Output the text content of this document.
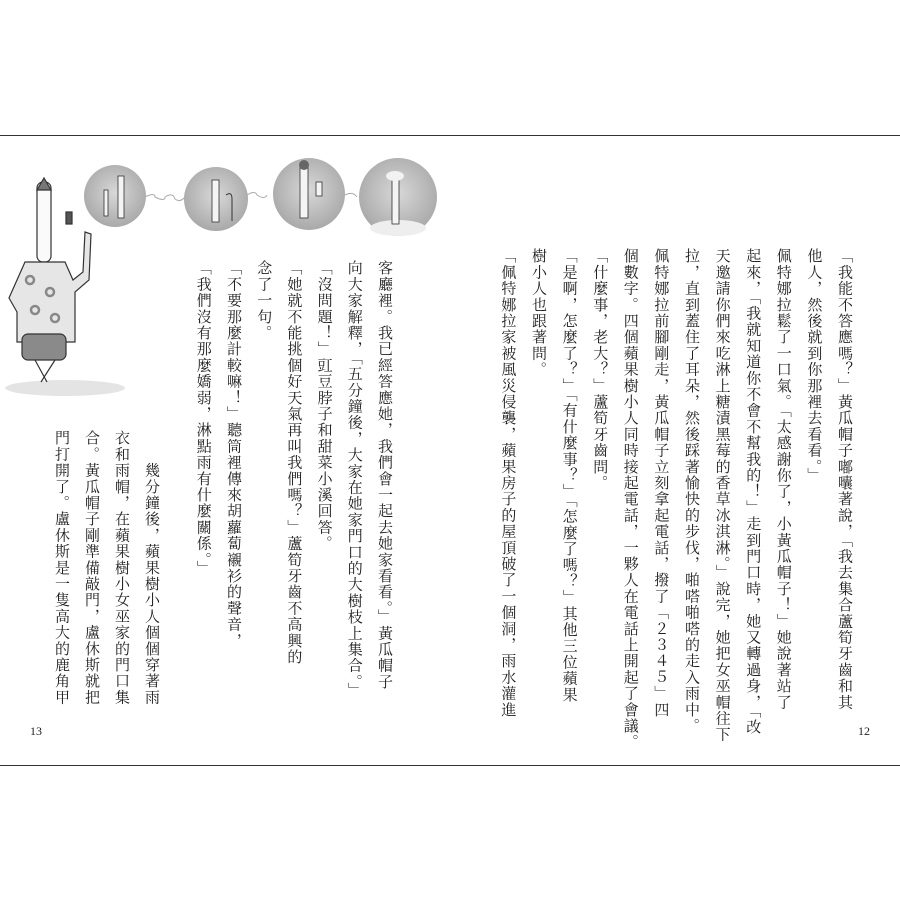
客廳裡。我已經答應她，我們會一起去她家看看。」黃瓜帽子
向大家解釋，「五分鐘後，大家在她家門口的大樹枝上集合。」
「沒問題！」豇豆脖子和甜菜小溪回答。
「她就不能挑個好天氣再叫我們嗎？」蘆筍牙齒不高興的
念了一句。
「不要那麼計較嘛！」聽筒裡傳來胡蘿蔔襯衫的聲音，
「我們沒有那麼嬌弱，淋點雨有什麼關係。」
　　幾分鐘後，蘋果樹小人個個穿著雨
衣和雨帽，在蘋果樹小女巫家的門口集
合。黃瓜帽子剛準備敲門，盧休斯就把
門打開了。盧休斯是一隻高大的鹿角甲	「我能不答應嗎？」黃瓜帽子嘟囔著說，「我去集合蘆筍牙齒和其
他人，然後就到你那裡去看看。」
佩特娜拉鬆了一口氣。「太感謝你了，小黃瓜帽子！」她說著站了
起來，「我就知道你不會不幫我的！」走到門口時，她又轉過身，「改
天邀請你們來吃淋上糖漬黑莓的香草冰淇淋。」說完，她把女巫帽往下
拉，直到蓋住了耳朵，然後踩著愉快的步伐，啪嗒啪嗒的走入雨中。
佩特娜拉前腳剛走，黃瓜帽子立刻拿起電話，撥了「２３４５」四
個數字。四個蘋果樹小人同時接起電話，一夥人在電話上開起了會議。
「什麼事，老大？」蘆筍牙齒問。
「是啊，怎麼了？」「有什麼事？」「怎麼了嗎？」其他三位蘋果
樹小人也跟著問。
「佩特娜拉家被風災侵襲，蘋果房子的屋頂破了一個洞，雨水灌進
13	12
